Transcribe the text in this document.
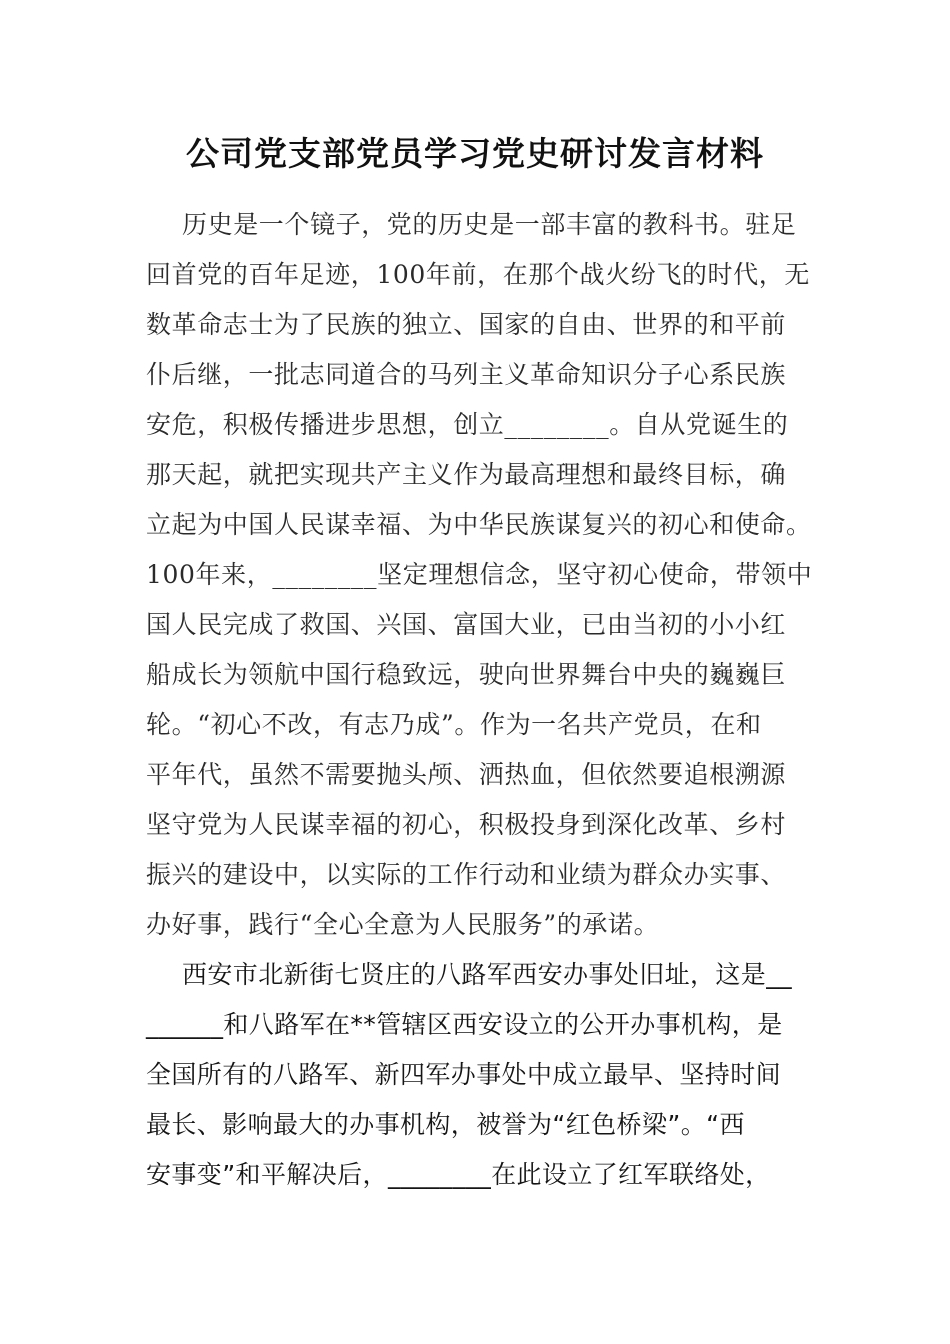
公司党支部党员学习党史研讨发言材料
历史是一个镜子，党的历史是一部丰富的教科书。驻足
回首党的百年足迹，100年前，在那个战火纷飞的时代，无
数革命志士为了民族的独立、国家的自由、世界的和平前
仆后继，一批志同道合的马列主义革命知识分子心系民族
安危，积极传播进步思想，创立________。自从党诞生的
那天起，就把实现共产主义作为最高理想和最终目标，确
立起为中国人民谋幸福、为中华民族谋复兴的初心和使命。
100年来，________坚定理想信念，坚守初心使命，带领中
国人民完成了救国、兴国、富国大业，已由当初的小小红
船成长为领航中国行稳致远，驶向世界舞台中央的巍巍巨
轮。“初心不改，有志乃成”。作为一名共产党员，在和
平年代，虽然不需要抛头颅、洒热血，但依然要追根溯源
坚守党为人民谋幸福的初心，积极投身到深化改革、乡村
振兴的建设中，以实际的工作行动和业绩为群众办实事、
办好事，践行“全心全意为人民服务”的承诺。
西安市北新街七贤庄的八路军西安办事处旧址，这是__
______和八路军在**管辖区西安设立的公开办事机构，是
全国所有的八路军、新四军办事处中成立最早、坚持时间
最长、影响最大的办事机构，被誉为“红色桥梁”。“西
安事变”和平解决后，________在此设立了红军联络处，
